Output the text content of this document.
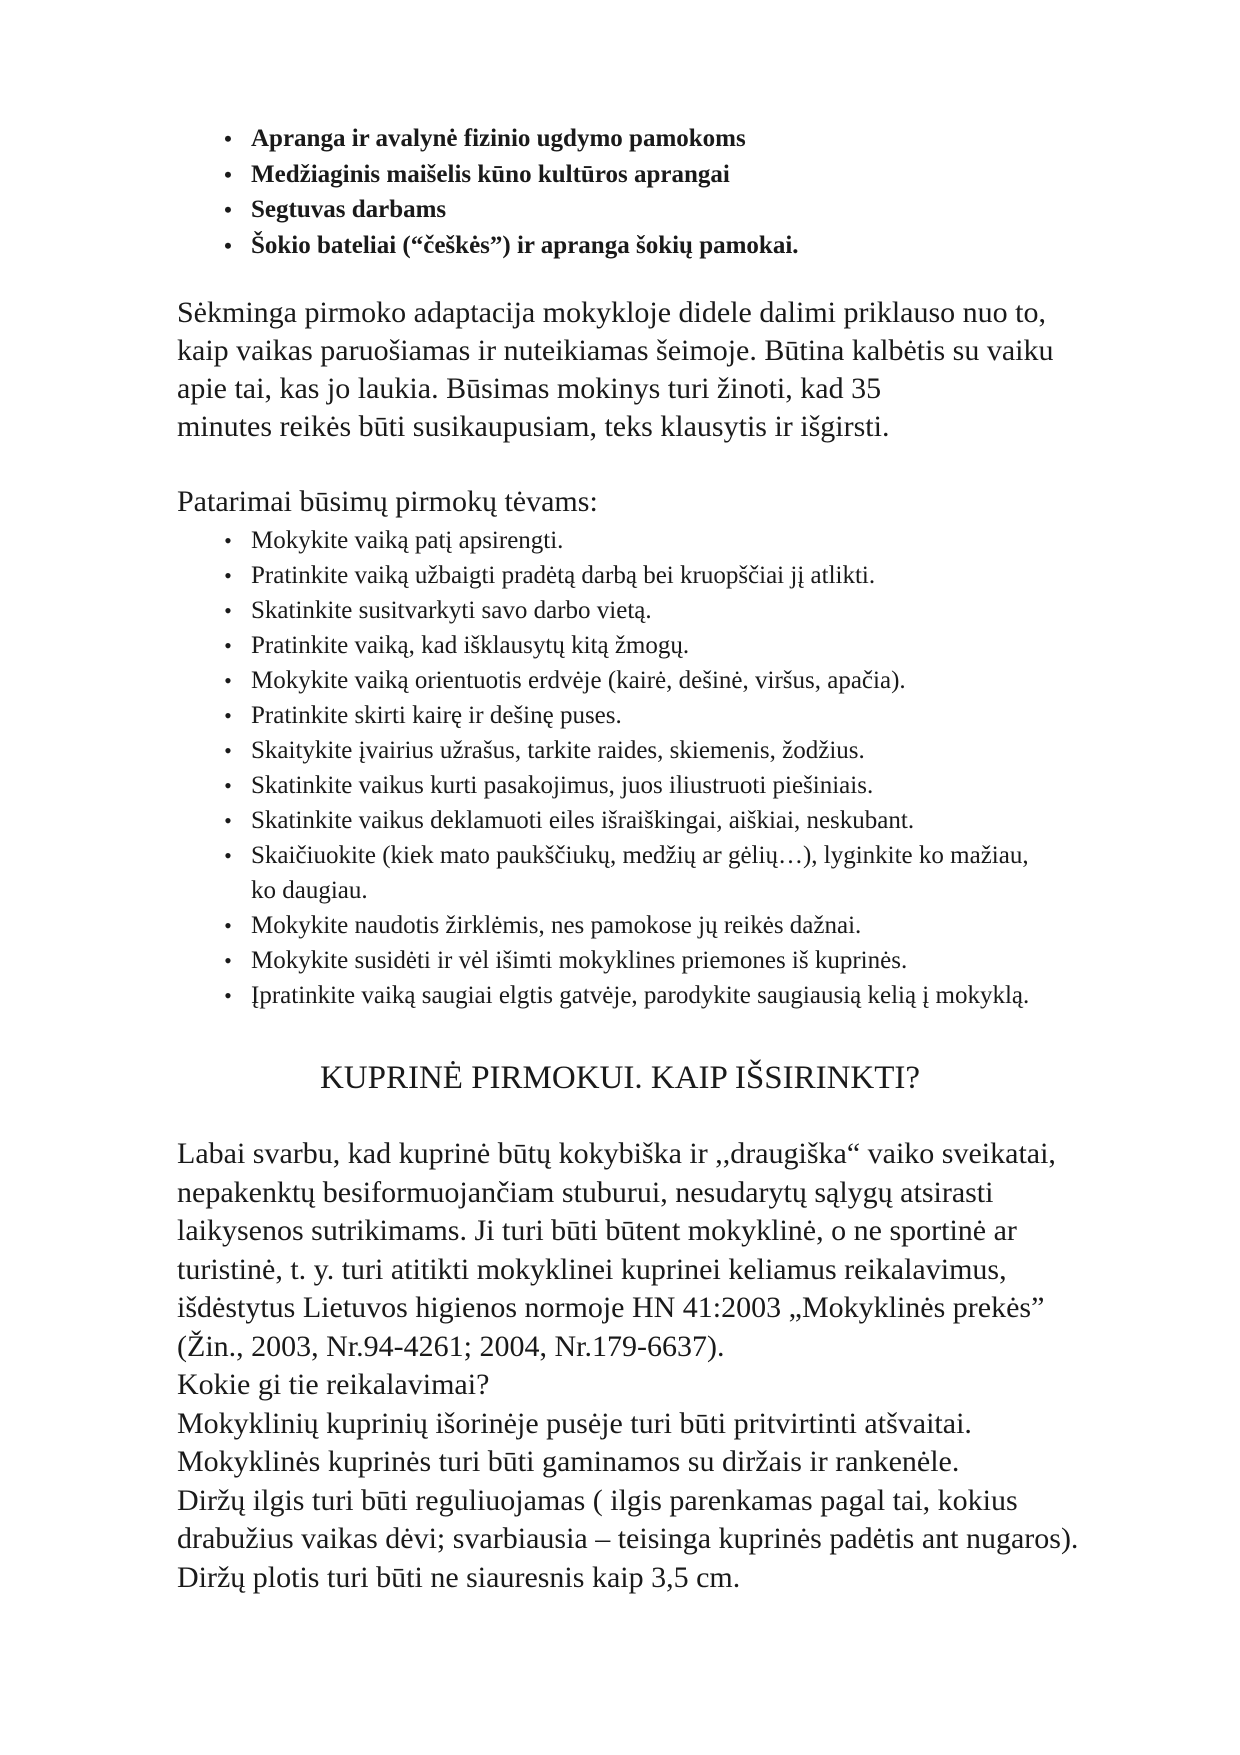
• Apranga ir avalynė fizinio ugdymo pamokoms
• Medžiaginis maišelis kūno kultūros aprangai
• Segtuvas darbams
• Šokio bateliai (“češkės”) ir apranga šokių pamokai.

Sėkminga pirmoko adaptacija mokykloje didele dalimi priklauso nuo to,
kaip vaikas paruošiamas ir nuteikiamas šeimoje. Būtina kalbėtis su vaiku
apie tai, kas jo laukia. Būsimas mokinys turi žinoti, kad 35
minutes reikės būti susikaupusiam, teks klausytis ir išgirsti.

Patarimai būsimų pirmokų tėvams:

• Mokykite vaiką patį apsirengti.
• Pratinkite vaiką užbaigti pradėtą darbą bei kruopščiai jį atlikti.
• Skatinkite susitvarkyti savo darbo vietą.
• Pratinkite vaiką, kad išklausytų kitą žmogų.
• Mokykite vaiką orientuotis erdvėje (kairė, dešinė, viršus, apačia).
• Pratinkite skirti kairę ir dešinę puses.
• Skaitykite įvairius užrašus, tarkite raides, skiemenis, žodžius.
• Skatinkite vaikus kurti pasakojimus, juos iliustruoti piešiniais.
• Skatinkite vaikus deklamuoti eiles išraiškingai, aiškiai, neskubant.
• Skaičiuokite (kiek mato paukščiukų, medžių ar gėlių…), lyginkite ko mažiau,
ko daugiau.
• Mokykite naudotis žirklėmis, nes pamokose jų reikės dažnai.
• Mokykite susidėti ir vėl išimti mokyklines priemones iš kuprinės.
• Įpratinkite vaiką saugiai elgtis gatvėje, parodykite saugiausią kelią į mokyklą.
KUPRINĖ PIRMOKUI. KAIP IŠSIRINKTI?

Labai svarbu, kad kuprinė būtų kokybiška ir ,,draugiška“ vaiko sveikatai,
nepakenktų besiformuojančiam stuburui, nesudarytų sąlygų atsirasti
laikysenos sutrikimams. Ji turi būti būtent mokyklinė, o ne sportinė ar
turistinė, t. y. turi atitikti mokyklinei kuprinei keliamus reikalavimus,
išdėstytus Lietuvos higienos normoje HN 41:2003 „Mokyklinės prekės”
(Žin., 2003, Nr.94-4261; 2004, Nr.179-6637).

Kokie gi tie reikalavimai?

Mokyklinių kuprinių išorinėje pusėje turi būti pritvirtinti atšvaitai.

Mokyklinės kuprinės turi būti gaminamos su diržais ir rankenėle.

Diržų ilgis turi būti reguliuojamas ( ilgis parenkamas pagal tai, kokius
drabužius vaikas dėvi; svarbiausia – teisinga kuprinės padėtis ant nugaros).

Diržų plotis turi būti ne siauresnis kaip 3,5 cm.
